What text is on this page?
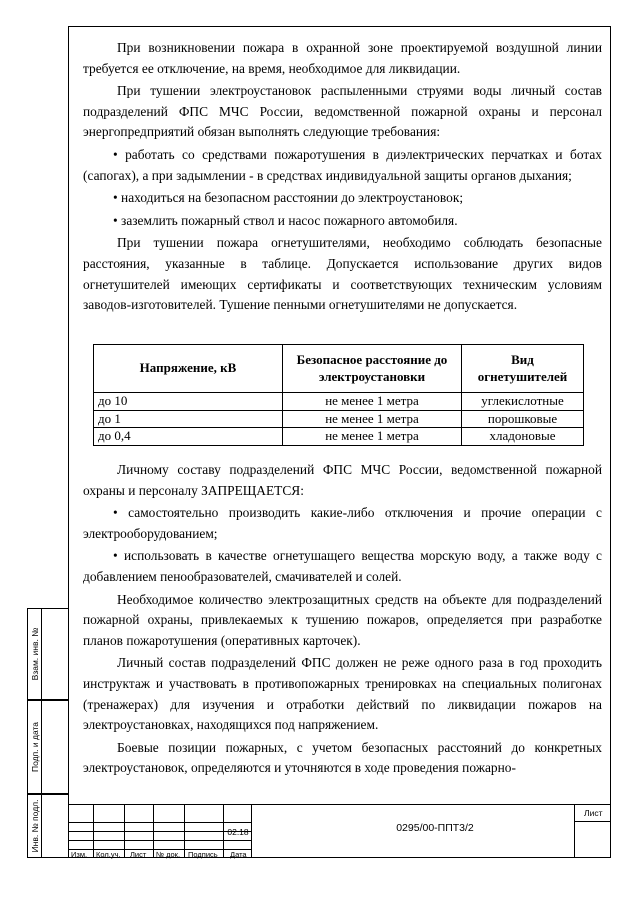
При возникновении пожара в охранной зоне проектируемой воздушной линии требуется ее отключение, на время, необходимое для ликвидации.

При тушении электроустановок распыленными струями воды личный состав подразделений ФПС МЧС России, ведомственной пожарной охраны и персонал энергопредприятий обязан выполнять следующие требования:

• работать со средствами пожаротушения в диэлектрических перчатках и ботах (сапогах), а при задымлении - в средствах индивидуальной защиты органов дыхания;

• находиться на безопасном расстоянии до электроустановок;

• заземлить пожарный ствол и насос пожарного автомобиля.

При тушении пожара огнетушителями, необходимо соблюдать безопасные расстояния, указанные в таблице. Допускается использование других видов огнетушителей имеющих сертификаты и соответствующих техническим условиям заводов-изготовителей. Тушение пенными огнетушителями не допускается.

Напряжение, кВ	Безопасное расстояние до электроустановки	Вид огнетушителей
до 10	не менее 1 метра	углекислотные
до 1	не менее 1 метра	порошковые
до 0,4	не менее 1 метра	хладоновые

Личному составу подразделений ФПС МЧС России, ведомственной пожарной охраны и персоналу ЗАПРЕЩАЕТСЯ:

• самостоятельно производить какие-либо отключения и прочие операции с электрооборудованием;

• использовать в качестве огнетушащего вещества морскую воду, а также воду с добавлением пенообразователей, смачивателей и солей.

Необходимое количество электрозащитных средств на объекте для подразделений пожарной охраны, привлекаемых к тушению пожаров, определяется при разработке планов пожаротушения (оперативных карточек).

Личный состав подразделений ФПС должен не реже одного раза в год проходить инструктаж и участвовать в противопожарных тренировках на специальных полигонах (тренажерах) для изучения и отработки действий по ликвидации пожаров на электроустановках, находящихся под напряжением.

Боевые позиции пожарных, с учетом безопасных расстояний до конкретных электроустановок, определяются и уточняются в ходе проведения пожарно-

Взам. инв. №
Подп. и дата
Инв. № подл.	02.18
Изм. Кол.уч. Лист № док. Подпись Дата
0295/00-ППТ3/2
Лист
